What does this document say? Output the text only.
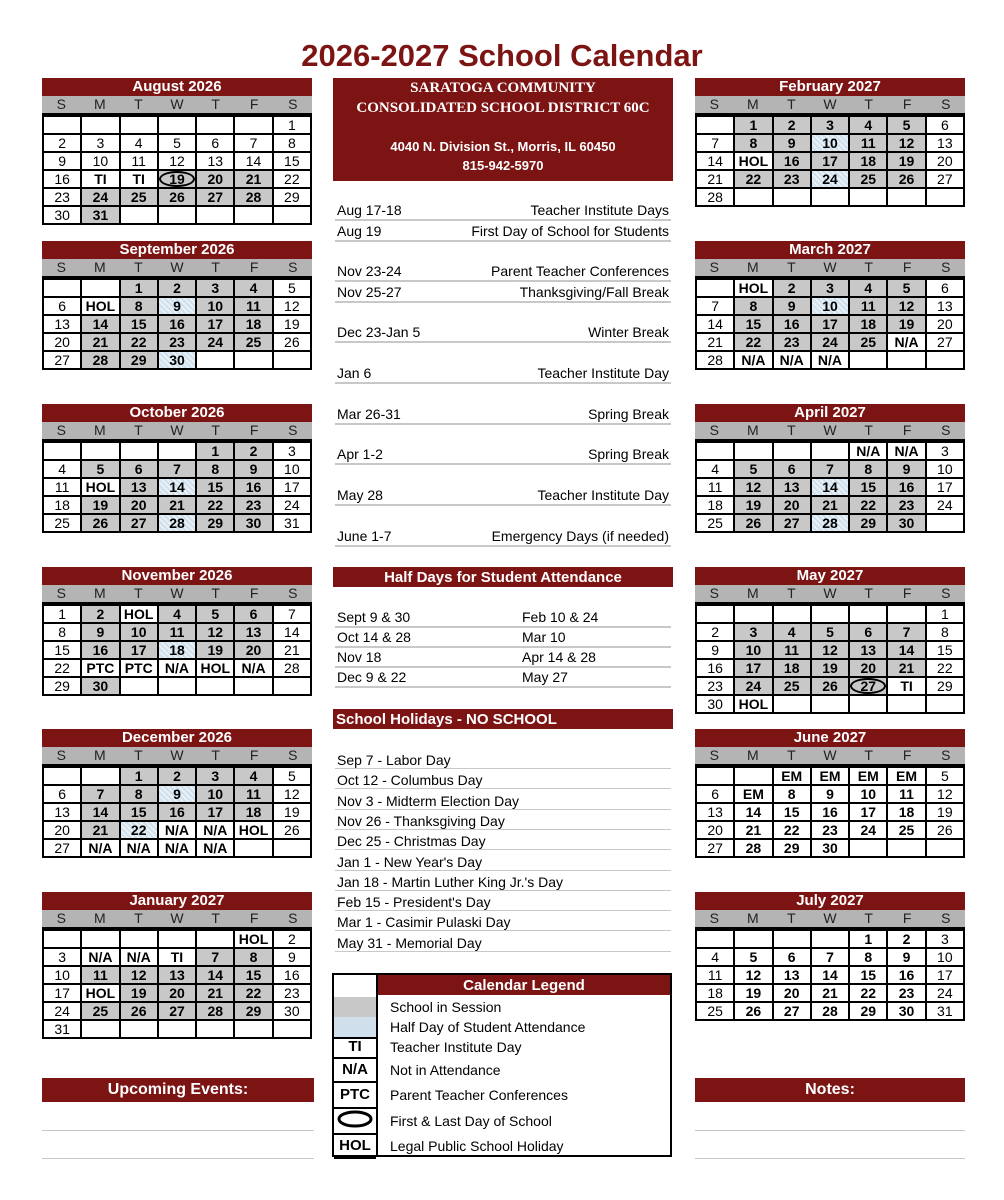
2026-2027 School Calendar
August 2026
S	M	T	W	T	F	S
						1
2	3	4	5	6	7	8
9	10	11	12	13	14	15
16	TI	TI	19	20	21	22
23	24	25	26	27	28	29
30	31					
September 2026
S	M	T	W	T	F	S
		1	2	3	4	5
6	HOL	8	9	10	11	12
13	14	15	16	17	18	19
20	21	22	23	24	25	26
27	28	29	30			
October 2026
S	M	T	W	T	F	S
				1	2	3
4	5	6	7	8	9	10
11	HOL	13	14	15	16	17
18	19	20	21	22	23	24
25	26	27	28	29	30	31
November 2026
S	M	T	W	T	F	S
1	2	HOL	4	5	6	7
8	9	10	11	12	13	14
15	16	17	18	19	20	21
22	PTC	PTC	N/A	HOL	N/A	28
29	30					
December 2026
S	M	T	W	T	F	S
		1	2	3	4	5
6	7	8	9	10	11	12
13	14	15	16	17	18	19
20	21	22	N/A	N/A	HOL	26
27	N/A	N/A	N/A	N/A		
January 2027
S	M	T	W	T	F	S
					HOL	2
3	N/A	N/A	TI	7	8	9
10	11	12	13	14	15	16
17	HOL	19	20	21	22	23
24	25	26	27	28	29	30
31						
February 2027
S	M	T	W	T	F	S
	1	2	3	4	5	6
7	8	9	10	11	12	13
14	HOL	16	17	18	19	20
21	22	23	24	25	26	27
28						
March 2027
S	M	T	W	T	F	S
	HOL	2	3	4	5	6
7	8	9	10	11	12	13
14	15	16	17	18	19	20
21	22	23	24	25	N/A	27
28	N/A	N/A	N/A			
April 2027
S	M	T	W	T	F	S
				N/A	N/A	3
4	5	6	7	8	9	10
11	12	13	14	15	16	17
18	19	20	21	22	23	24
25	26	27	28	29	30	
May 2027
S	M	T	W	T	F	S
						1
2	3	4	5	6	7	8
9	10	11	12	13	14	15
16	17	18	19	20	21	22
23	24	25	26	27	TI	29
30	HOL					
June 2027
S	M	T	W	T	F	S
		EM	EM	EM	EM	5
6	EM	8	9	10	11	12
13	14	15	16	17	18	19
20	21	22	23	24	25	26
27	28	29	30			
July 2027
S	M	T	W	T	F	S
				1	2	3
4	5	6	7	8	9	10
11	12	13	14	15	16	17
18	19	20	21	22	23	24
25	26	27	28	29	30	31
SARATOGA COMMUNITY
CONSOLIDATED SCHOOL DISTRICT 60C
4040 N. Division St., Morris, IL 60450
815-942-5970
Aug 17-18	Teacher Institute Days
Aug 19	First Day of School for Students
Nov 23-24	Parent Teacher Conferences
Nov 25-27	Thanksgiving/Fall Break
Dec 23-Jan 5	Winter Break
Jan 6	Teacher Institute Day
Mar 26-31	Spring Break
Apr 1-2	Spring Break
May 28	Teacher Institute Day
June 1-7	Emergency Days (if needed)
Half Days for Student Attendance
Sept 9 & 30	Feb 10 & 24
Oct 14 & 28	Mar 10
Nov 18	Apr 14 & 28
Dec 9 & 22	May 27
School Holidays - NO SCHOOL
Sep 7 - Labor Day
Oct 12 - Columbus Day
Nov 3 - Midterm Election Day
Nov 26 - Thanksgiving Day
Dec 25 - Christmas Day
Jan 1 - New Year's Day
Jan 18 - Martin Luther King Jr.'s Day
Feb 15 - President's Day
Mar 1 - Casimir Pulaski Day
May 31 - Memorial Day
Calendar Legend
School in Session
Half Day of Student Attendance
TI	Teacher Institute Day
N/A	Not in Attendance
PTC	Parent Teacher Conferences
First & Last Day of School
HOL	Legal Public School Holiday
Upcoming Events:	Notes:
